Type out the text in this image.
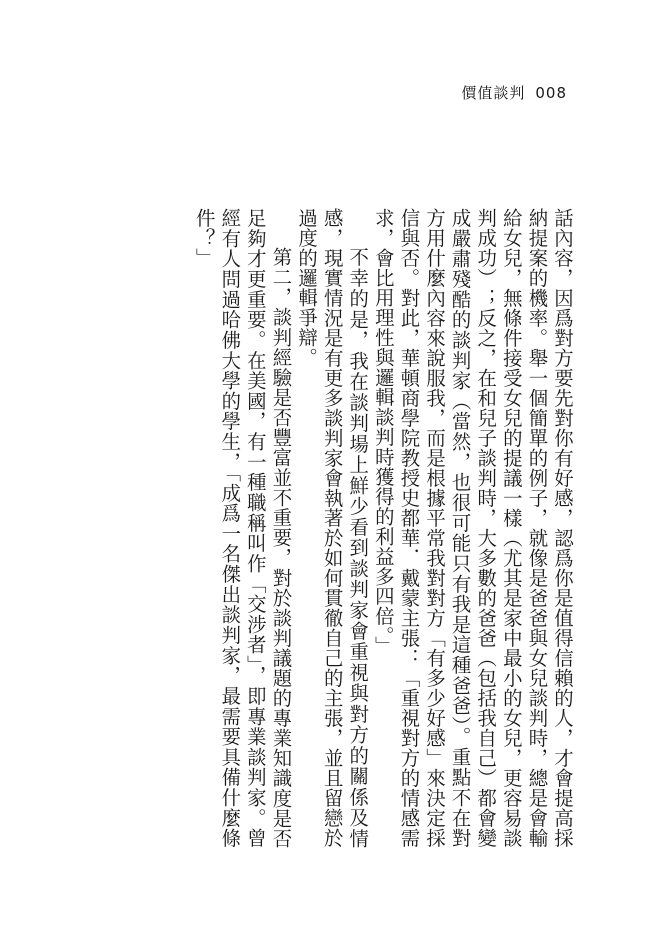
價值談判 008

話內容，因爲對方要先對你有好感，認爲你是值得信賴的人，才會提高採納提案的機率。舉一個簡單的例子，就像是爸爸與女兒談判時，總是會輸給女兒，無條件接受女兒的提議一樣（尤其是家中最小的女兒，更容易談判成功）；反之，在和兒子談判時，大多數的爸爸（包括我自己）都會變成嚴肅殘酷的談判家（當然，也很可能只有我是這種爸爸）。重點不在對方用什麼內容來說服我，而是根據平常我對對方「有多少好感」來決定採信與否。對此，華頓商學院教授史都華．戴蒙主張：「重視對方的情感需求，會比用理性與邏輯談判時獲得的利益多四倍。」

不幸的是，我在談判場上鮮少看到談判家會重視與對方的關係及情感，現實情況是有更多談判家會執著於如何貫徹自己的主張，並且留戀於過度的邏輯爭辯。

第二，談判經驗是否豐富並不重要，對於談判議題的專業知識度是否足夠才更重要。在美國，有一種職稱叫作「交涉者」，即專業談判家。曾經有人問過哈佛大學的學生，「成爲一名傑出談判家，最需要具備什麼條件？」
